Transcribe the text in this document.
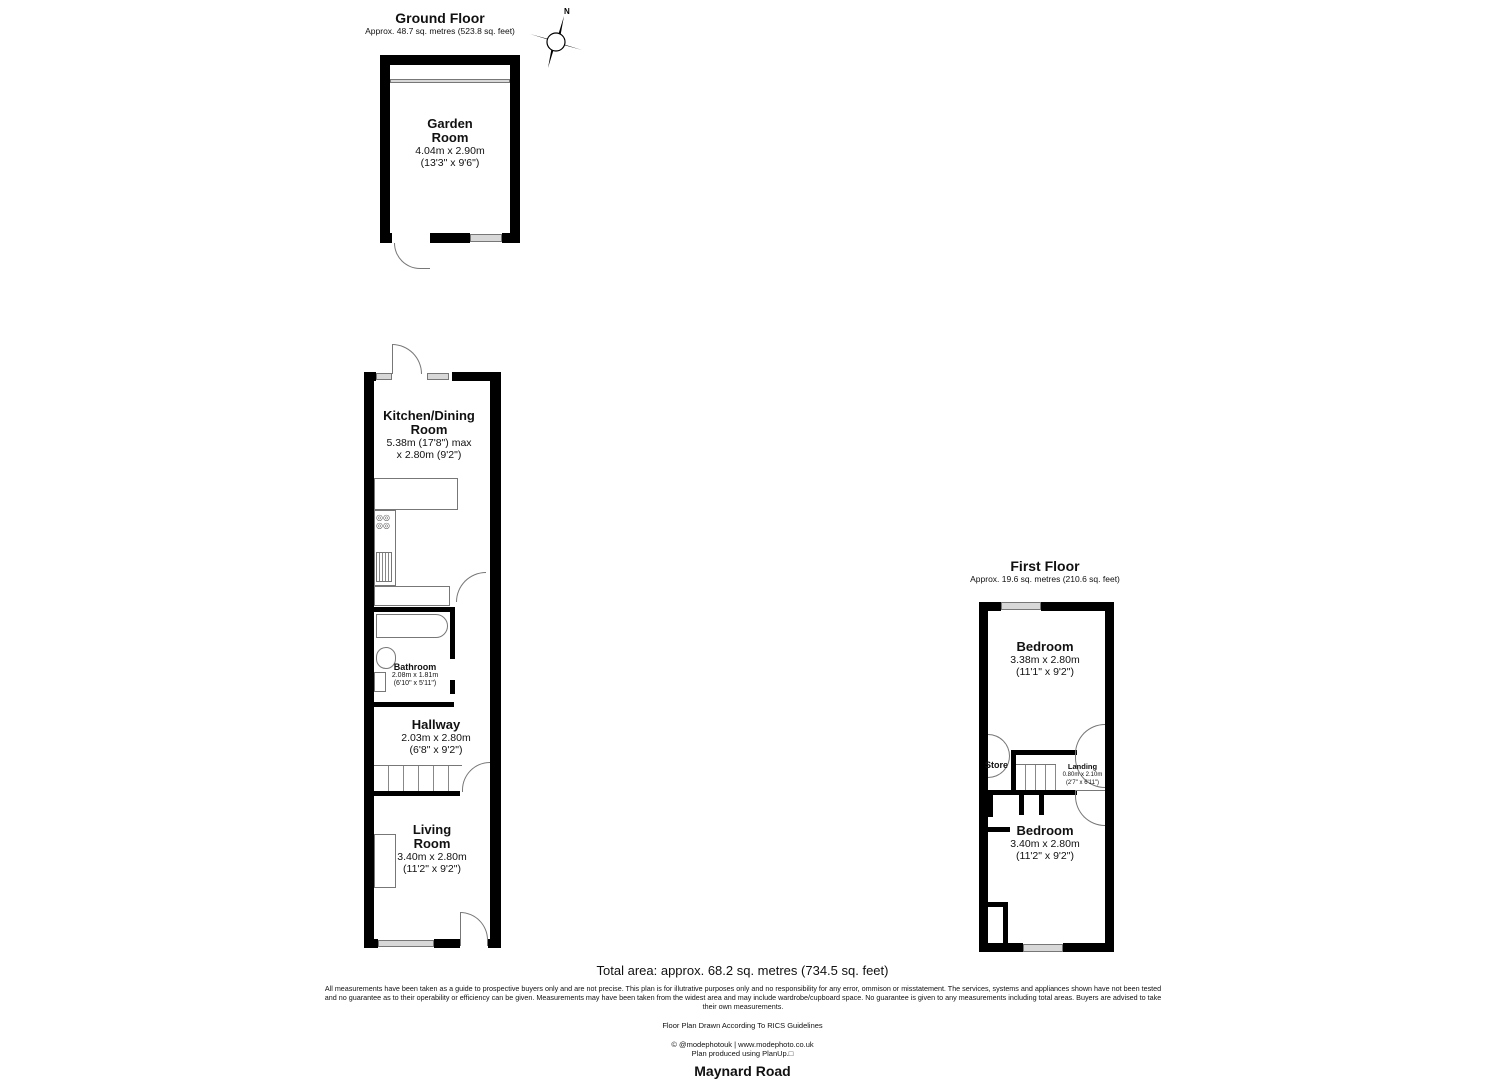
Ground Floor
Approx. 48.7 sq. metres (523.8 sq. feet)
N
Garden
Room
4.04m x 2.90m
(13'3" x 9'6")
◎◎
◎◎
Kitchen/Dining
Room
5.38m (17'8") max
x 2.80m (9'2")
Bathroom
2.08m x 1.81m
(6'10" x 5'11")
Hallway
2.03m x 2.80m
(6'8" x 9'2")
Living
Room
3.40m x 2.80m
(11'2" x 9'2")
First Floor
Approx. 19.6 sq. metres (210.6 sq. feet)
Bedroom
3.38m x 2.80m
(11'1" x 9'2")
Store	Landing
0.80m x 2.10m
(2'7" x 6'11")
Bedroom
3.40m x 2.80m
(11'2" x 9'2")
Total area: approx. 68.2 sq. metres (734.5 sq. feet)
All measurements have been taken as a guide to prospective buyers only and are not precise. This plan is for illutrative purposes only and no responsibility for any error, ommison or misstatement. The services, systems and appliances shown have not been tested
and no guarantee as to their operability or efficiency can be given. Measurements may have been taken from the widest area and may include wardrobe/cupboard space. No guarantee is given to any measurements including total areas. Buyers are advised to take
their own measurements.
Floor Plan Drawn According To RICS Guidelines
© @modephotouk | www.modephoto.co.uk
Plan produced using PlanUp.□
Maynard Road
